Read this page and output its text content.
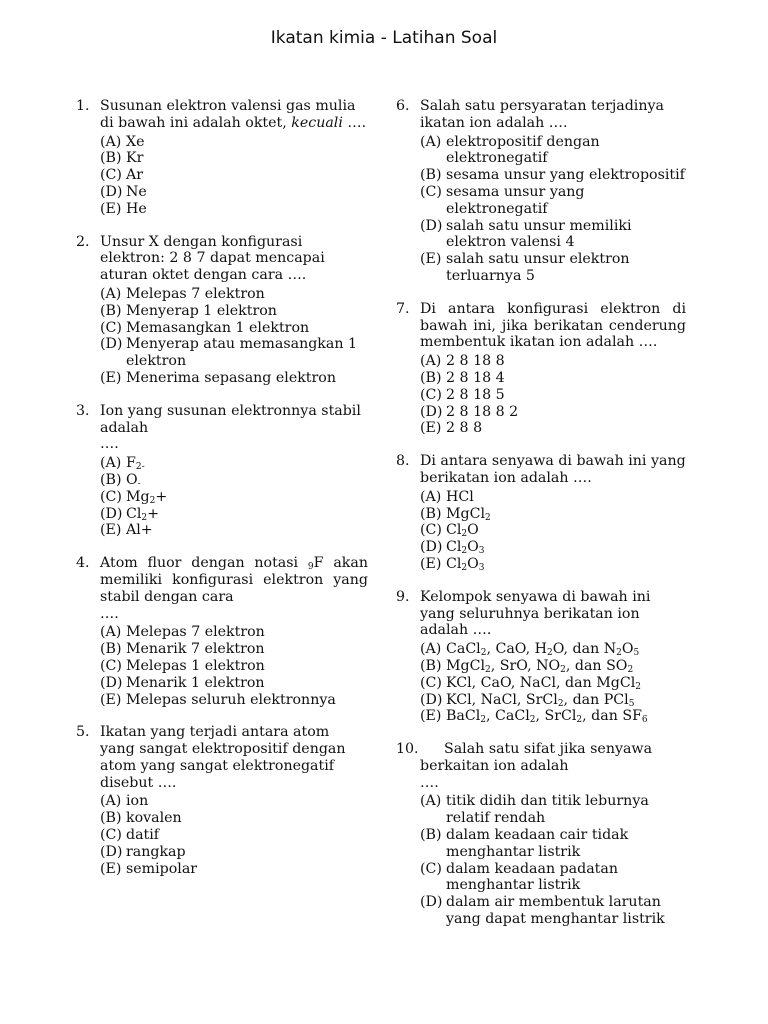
Ikatan kimia - Latihan Soal
1. Susunan elektron valensi gas mulia di bawah ini adalah oktet, kecuali ….
(A) Xe
(B) Kr
(C) Ar
(D) Ne
(E) He
2. Unsur X dengan konfigurasi elektron: 2 8 7 dapat mencapai aturan oktet dengan cara ….
(A) Melepas 7 elektron
(B) Menyerap 1 elektron
(C) Memasangkan 1 elektron
(D) Menyerap atau memasangkan 1 elektron
(E) Menerima sepasang elektron
3. Ion yang susunan elektronnya stabil adalah
….
(A) $F_{2-}$
(B) $O_-$
(C) $Mg_2+$
(D) $Cl_2+$
(E) Al+
4. Atom fluor dengan notasi $_9$F akan memiliki konfigurasi elektron yang stabil dengan cara
….
(A) Melepas 7 elektron
(B) Menarik 7 elektron
(C) Melepas 1 elektron
(D) Menarik 1 elektron
(E) Melepas seluruh elektronnya
5. Ikatan yang terjadi antara atom yang sangat elektropositif dengan atom yang sangat elektronegatif disebut ….
(A) ion
(B) kovalen
(C) datif
(D) rangkap
(E) semipolar
6. Salah satu persyaratan terjadinya ikatan ion adalah ….
(A) elektropositif dengan elektronegatif
(B) sesama unsur yang elektropositif
(C) sesama unsur yang elektronegatif
(D) salah satu unsur memiliki elektron valensi 4
(E) salah satu unsur elektron terluarnya 5
7. Di antara konfigurasi elektron di bawah ini, jika berikatan cenderung membentuk ikatan ion adalah ….
(A) 2 8 18 8
(B) 2 8 18 4
(C) 2 8 18 5
(D) 2 8 18 8 2
(E) 2 8 8
8. Di antara senyawa di bawah ini yang berikatan ion adalah ….
(A) HCl
(B) MgCl$_2$
(C) $Cl_2O$
(D) $Cl_2O_3$
(E) $Cl_2O_3$
9. Kelompok senyawa di bawah ini yang seluruhnya berikatan ion adalah ….
(A) CaCl$_2$, CaO, $H_2O$, dan $N_2O_5$
(B) MgCl$_2$, SrO, $NO_2$, dan $SO_2$
(C) KCl, CaO, NaCl, dan MgCl$_2$
(D) KCl, NaCl, SrCl$_2$, dan PCl$_5$
(E) BaCl$_2$, CaCl$_2$, SrCl$_2$, dan $SF_6$
10.	Salah satu sifat jika senyawa berkaitan ion adalah
….
(A) titik didih dan titik leburnya relatif rendah
(B) dalam keadaan cair tidak menghantar listrik
(C) dalam keadaan padatan menghantar listrik
(D) dalam air membentuk larutan yang dapat menghantar listrik
